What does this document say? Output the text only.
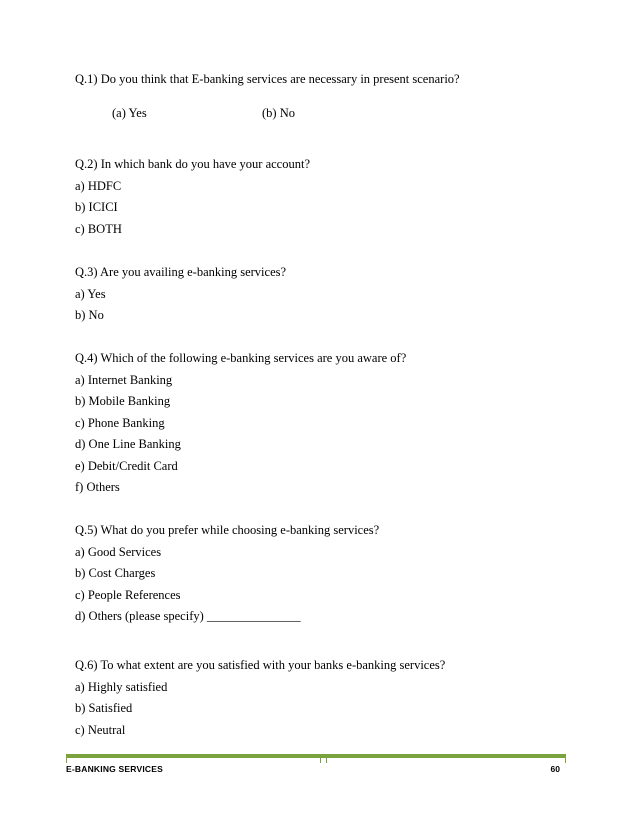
Q.1) Do you think that E-banking services are necessary in present scenario?
(a) Yes	(b) No
Q.2) In which bank do you have your account?
a) HDFC
b) ICICI
c) BOTH
Q.3) Are you availing e-banking services?
a) Yes
b) No
Q.4) Which of the following e-banking services are you aware of?
a) Internet Banking
b) Mobile Banking
c) Phone Banking
d) One Line Banking
e) Debit/Credit Card
f) Others
Q.5) What do you prefer while choosing e-banking services?
a) Good Services
b) Cost Charges
c) People References
d) Others (please specify) _______________
Q.6) To what extent are you satisfied with your banks e-banking services?
a) Highly satisfied
b) Satisfied
c) Neutral
E-BANKING SERVICES	60
